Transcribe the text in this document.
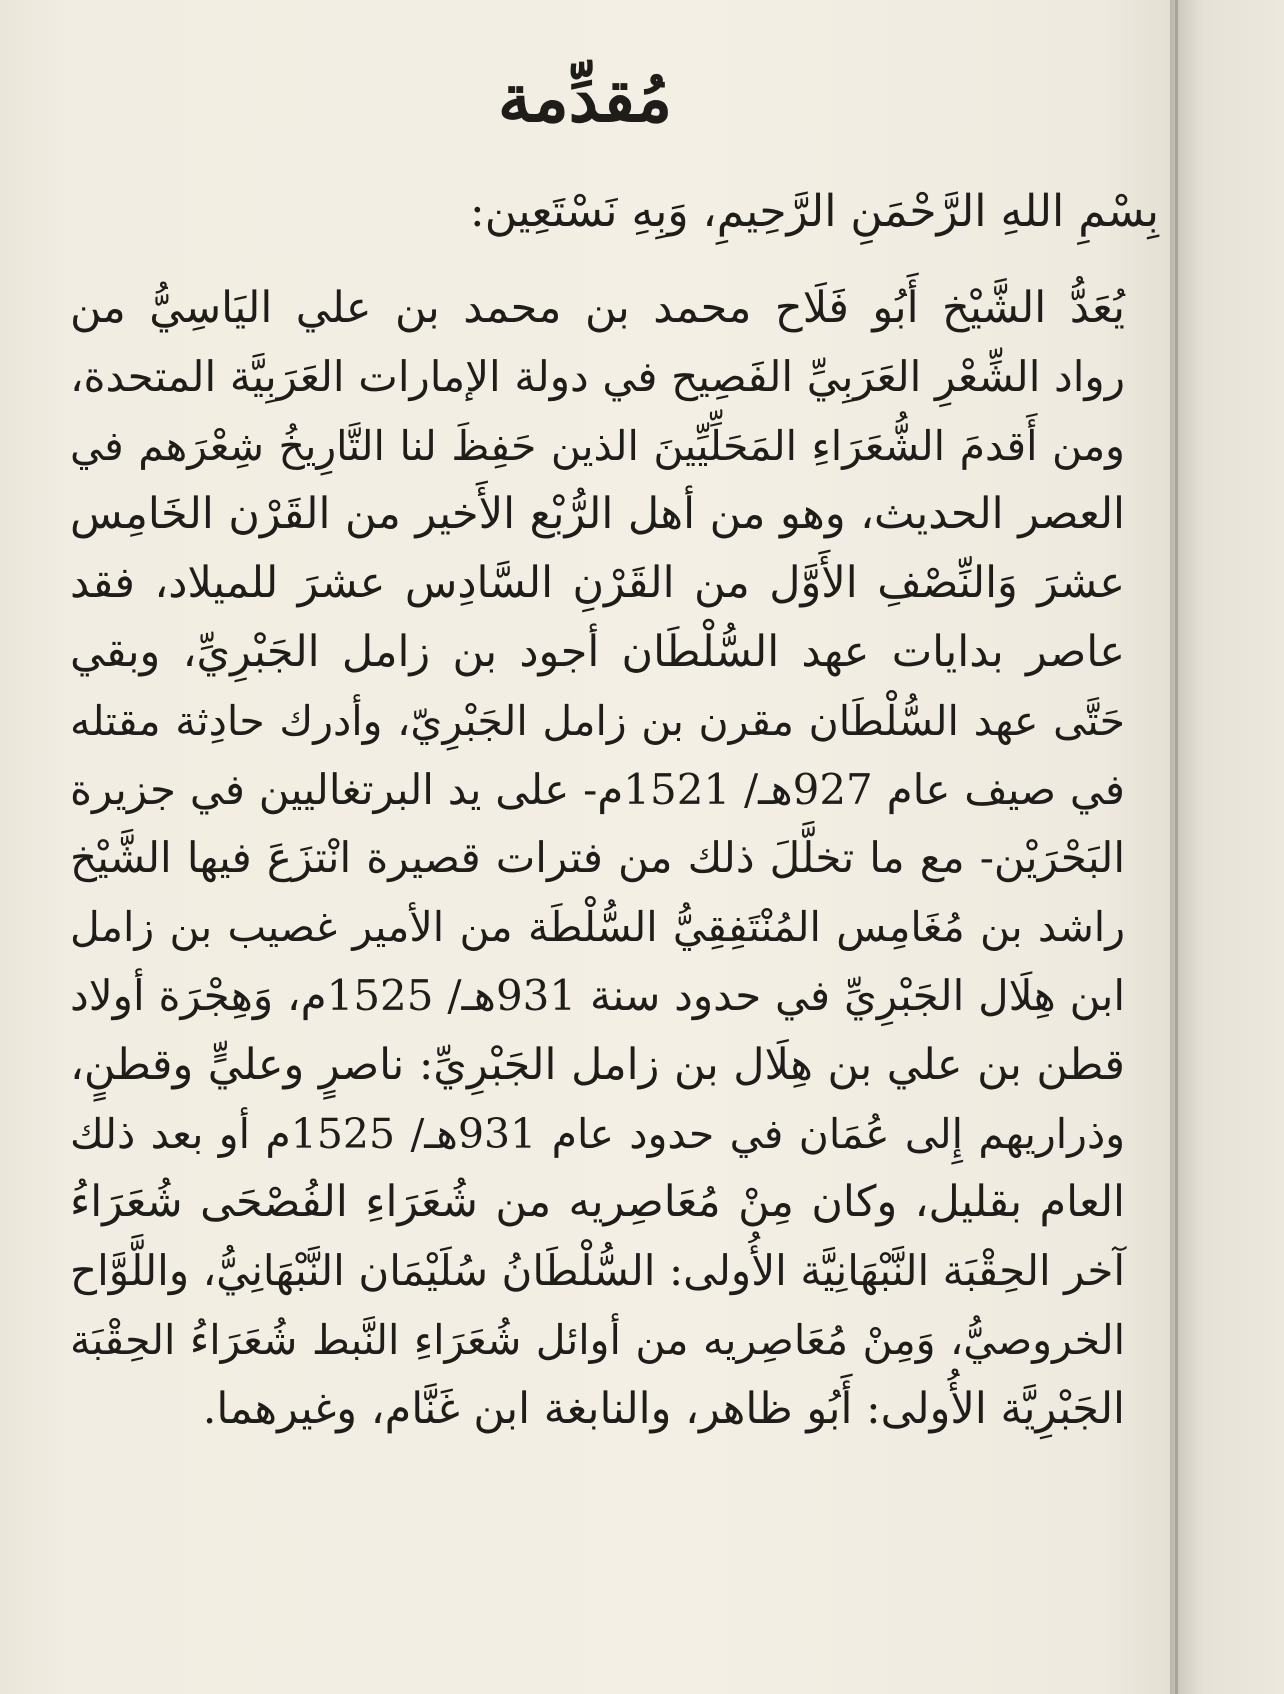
مُقدِّمة
بِسْمِ اللهِ الرَّحْمَنِ الرَّحِيمِ، وَبِهِ نَسْتَعِين:
يُعَدُّ الشَّيْخ أَبُو فَلَاح محمد بن محمد بن علي اليَاسِيُّ من
رواد الشِّعْرِ العَرَبِيِّ الفَصِيح في دولة الإمارات العَرَبِيَّة المتحدة،
ومن أَقدمَ الشُّعَرَاءِ المَحَلِّيِّينَ الذين حَفِظَ لنا التَّارِيخُ شِعْرَهم في
العصر الحديث، وهو من أهل الرُّبْع الأَخير من القَرْن الخَامِس
عشرَ وَالنِّصْفِ الأَوَّل من القَرْنِ السَّادِس عشرَ للميلاد، فقد
عاصر بدايات عهد السُّلْطَان أجود بن زامل الجَبْرِيِّ، وبقي
حَتَّى عهد السُّلْطَان مقرن بن زامل الجَبْرِيّ، وأدرك حادِثة مقتله
في صيف عام 927هـ/ 1521م- على يد البرتغاليين في جزيرة
البَحْرَيْن- مع ما تخلَّلَ ذلك من فترات قصيرة انْتزَعَ فيها الشَّيْخ
راشد بن مُغَامِس المُنْتَفِقِيُّ السُّلْطَة من الأمير غصيب بن زامل
ابن هِلَال الجَبْرِيِّ في حدود سنة 931هـ/ 1525م، وَهِجْرَة أولاد
قطن بن علي بن هِلَال بن زامل الجَبْرِيِّ: ناصرٍ وعليٍّ وقطنٍ،
وذراريهم إِلى عُمَان في حدود عام 931هـ/ 1525م أو بعد ذلك
العام بقليل، وكان مِنْ مُعَاصِريه من شُعَرَاءِ الفُصْحَى شُعَرَاءُ
آخر الحِقْبَة النَّبْهَانِيَّة الأُولى: السُّلْطَانُ سُلَيْمَان النَّبْهَانِيُّ، واللَّوَّاح
الخروصيُّ، وَمِنْ مُعَاصِريه من أوائل شُعَرَاءِ النَّبط شُعَرَاءُ الحِقْبَة
الجَبْرِيَّة الأُولى: أَبُو ظاهر، والنابغة ابن غَنَّام، وغيرهما.
